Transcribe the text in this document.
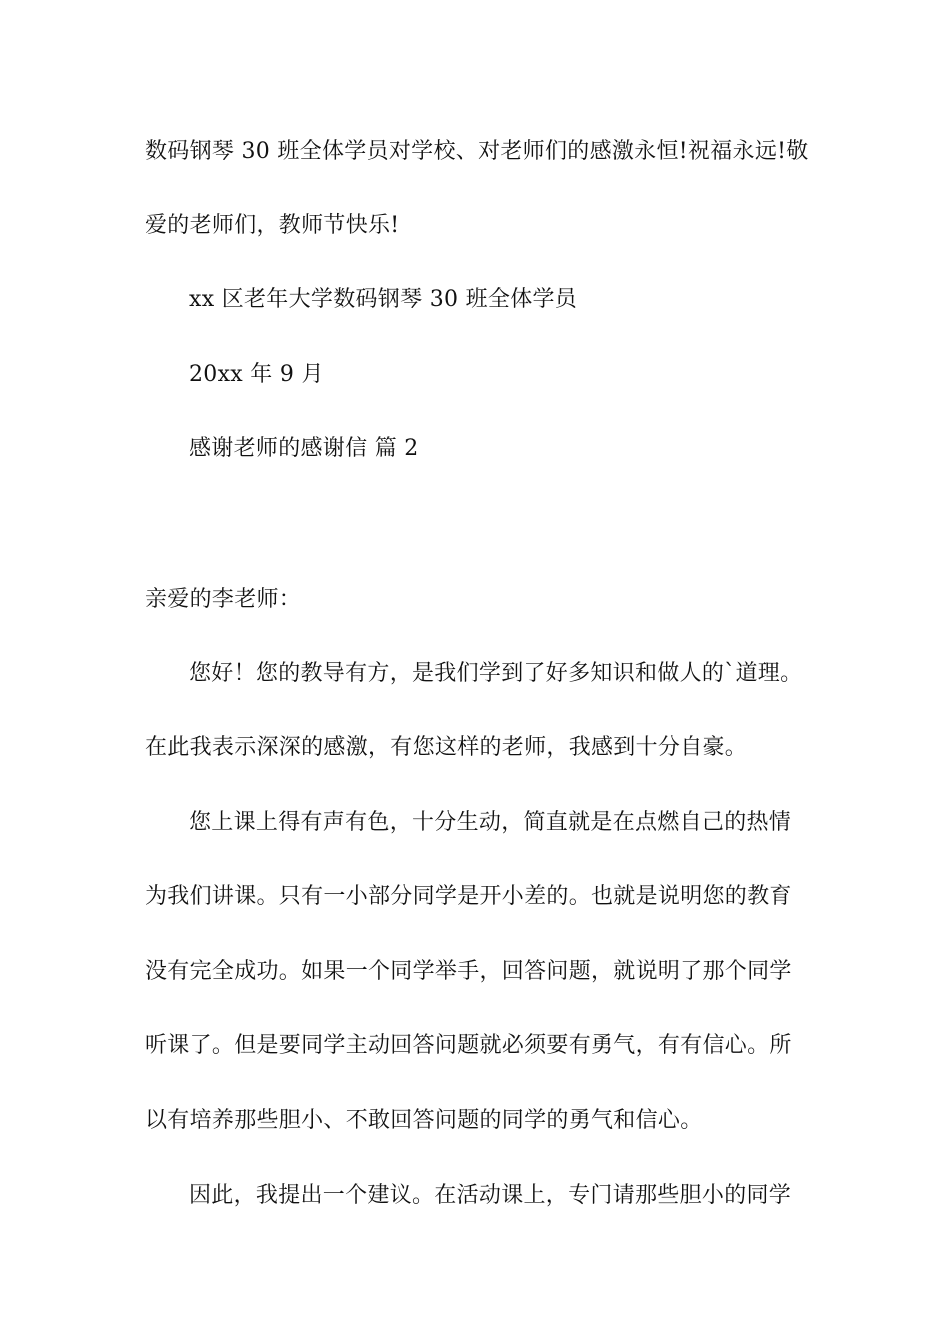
数码钢琴 30 班全体学员对学校、对老师们的感激永恒!祝福永远!敬
爱的老师们，教师节快乐!
xx 区老年大学数码钢琴 30 班全体学员
20xx 年 9 月
感谢老师的感谢信 篇 2
亲爱的李老师：
您好！您的教导有方，是我们学到了好多知识和做人的`道理。
在此我表示深深的感激，有您这样的老师，我感到十分自豪。
您上课上得有声有色，十分生动，简直就是在点燃自己的热情
为我们讲课。只有一小部分同学是开小差的。也就是说明您的教育
没有完全成功。如果一个同学举手，回答问题，就说明了那个同学
听课了。但是要同学主动回答问题就必须要有勇气，有有信心。所
以有培养那些胆小、不敢回答问题的同学的勇气和信心。
因此，我提出一个建议。在活动课上，专门请那些胆小的同学
